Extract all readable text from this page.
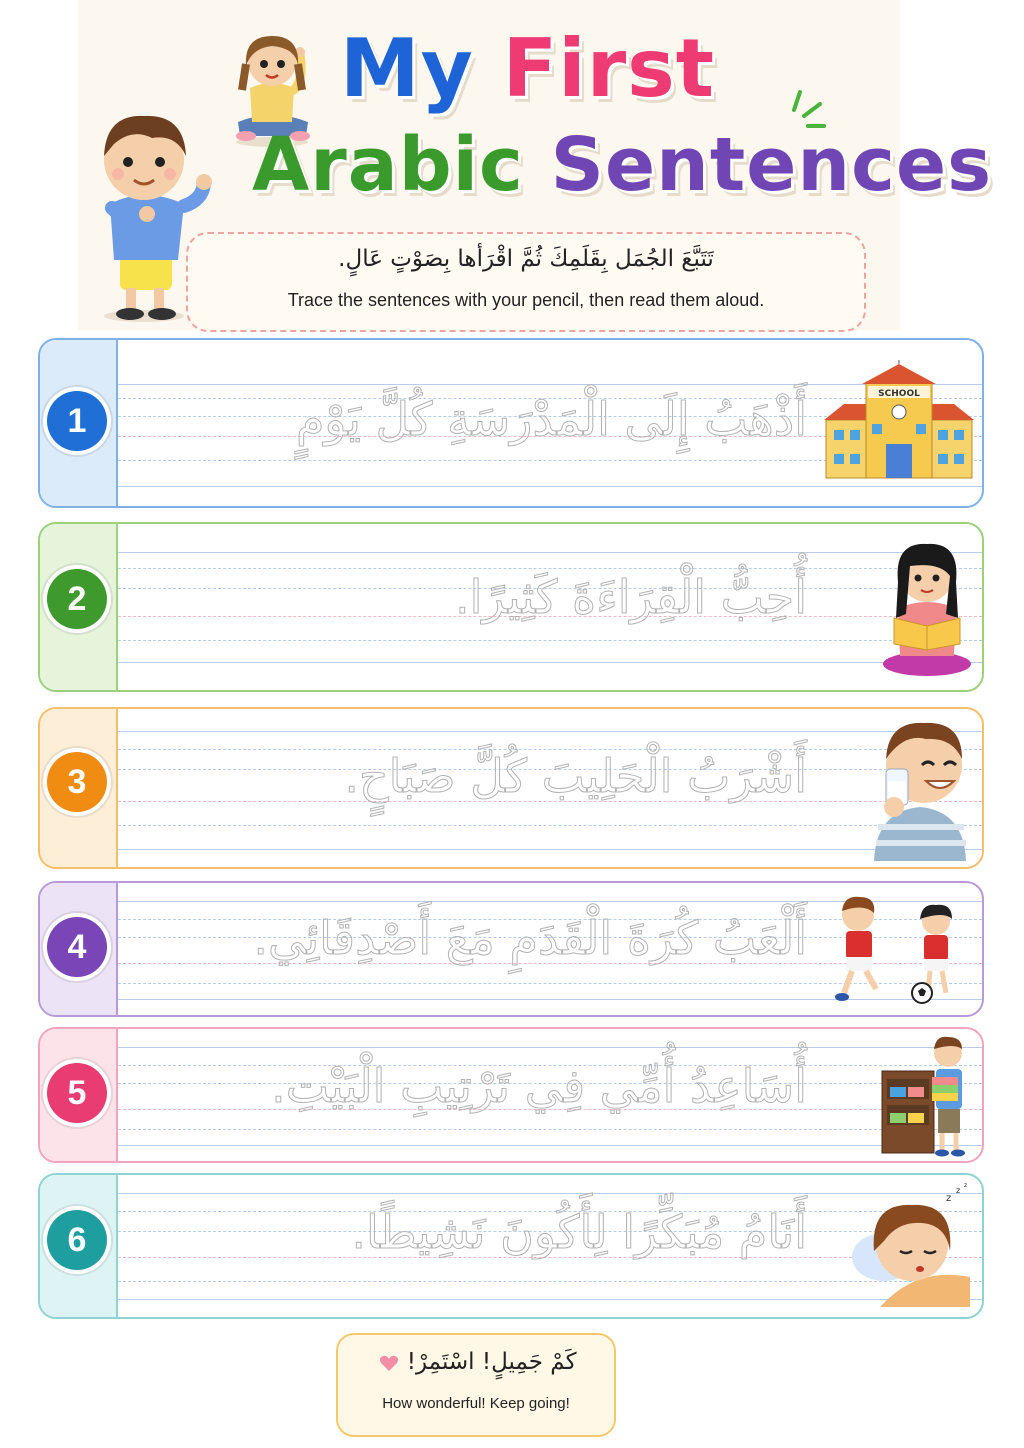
My First
Arabic Sentences
تَتَبَّعَ الجُمَل بِقَلَمِكَ ثُمَّ اقْرَأها بِصَوْتٍ عَالٍ.
Trace the sentences with your pencil, then read them aloud.
1	أَذْهَبُ إِلَى الْمَدْرَسَةِ كُلَّ يَوْمٍ	SCHOOL
2	أُحِبُّ الْقِرَاءَةَ كَثِيرًا.
3	أَشْرَبُ الْحَلِيبَ كُلَّ صَبَاحٍ.
4	أَلْعَبُ كُرَةَ الْقَدَمِ مَعَ أَصْدِقَائِي.
5	أُسَاعِدُ أُمِّي فِي تَرْتِيبِ الْبَيْتِ.
6	أَنَامُ مُبَكِّرًا لِأَكُونَ نَشِيطًا.
z
z
z
كَمْ جَمِيلٍ! اسْتَمِرْ!
How wonderful! Keep going!
